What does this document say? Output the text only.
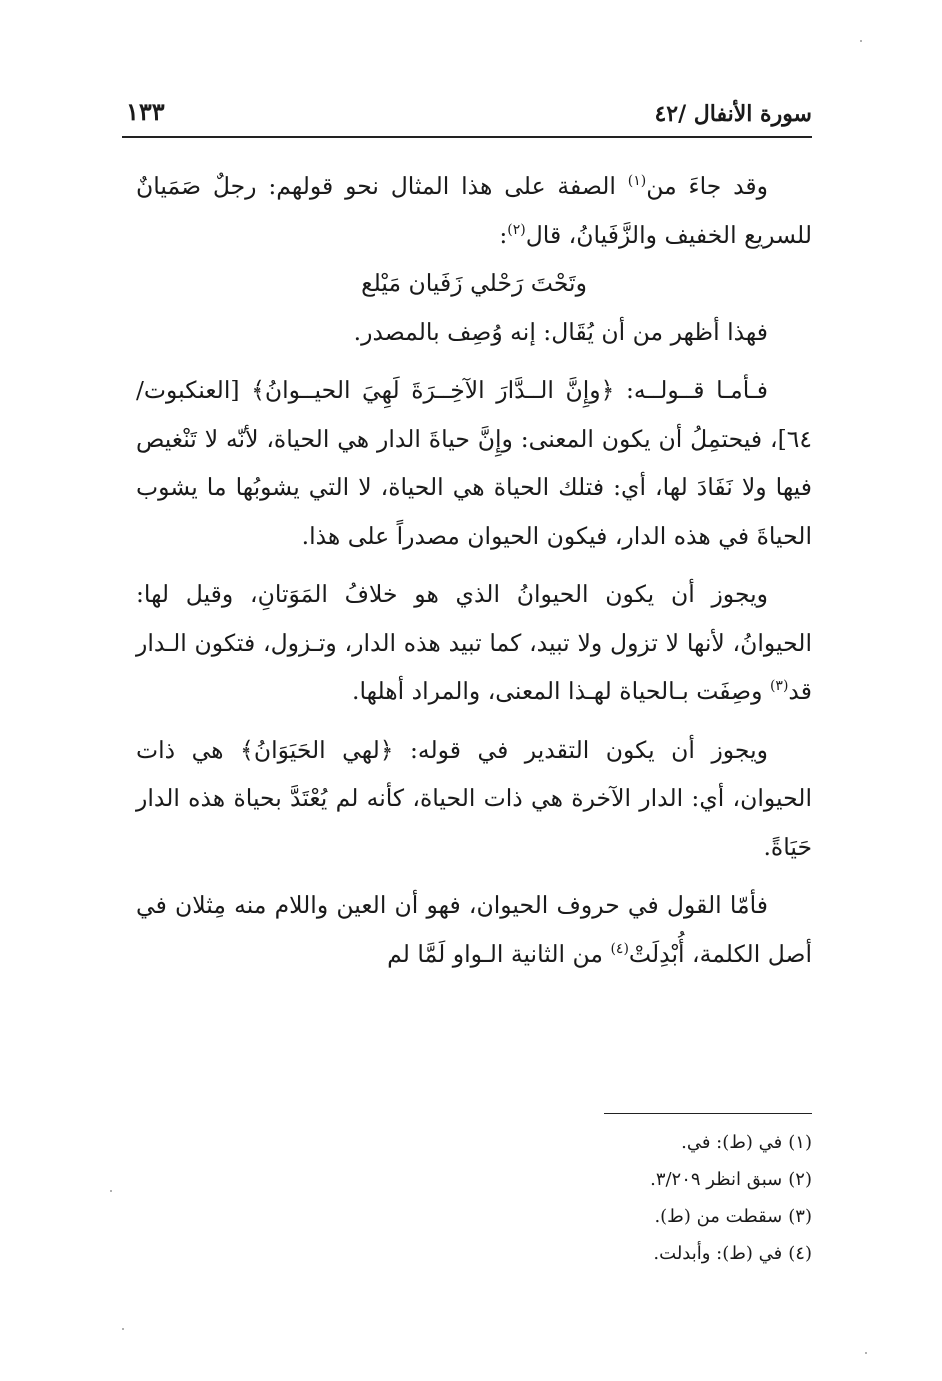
سورة الأنفال /٤٢
١٣٣

وقد جاءَ من$^{(١)}$ الصفة على هذا المثال نحو قولهم: رجلٌ صَمَيانٌ للسريع الخفيف والزَّفَيانُ، قال$^{(٢)}$:

وتَحْتَ رَحْلي زَفَيان مَيْلع

فهذا أظهر من أن يُقَال: إنه وُصِف بالمصدر.

فـأمـا قــولــه: ﴿وإِنَّ الــدَّارَ الآخِــرَةَ لَهِيَ الحيــوانُ﴾ [العنكبوت/٦٤]، فيحتمِلُ أن يكون المعنى: وإِنَّ حياةَ الدار هي الحياة، لأنّه لا تَنْغيص فيها ولا نَفَادَ لها، أي: فتلك الحياة هي الحياة، لا التي يشوبُها ما يشوب الحياةَ في هذه الدار، فيكون الحيوان مصدراً على هذا.

ويجوز أن يكون الحيوانُ الذي هو خلافُ المَوَتانِ، وقيل لها: الحيوانُ، لأنها لا تزول ولا تبيد، كما تبيد هذه الدار، وتـزول، فتكون الـدار قد$^{(٣)}$ وصِفَت بـالحياة لهـذا المعنى، والمراد أهلها.

ويجوز أن يكون التقدير في قوله: ﴿لهي الحَيَوَانُ﴾ هي ذات الحيوان، أي: الدار الآخرة هي ذات الحياة، كأنه لم يُعْتَدَّ بحياة هذه الدار حَيَاةً.

فأمّا القول في حروف الحيوان، فهو أن العين واللام منه مِثلان في أصل الكلمة، أُبْدِلَتْ$^{(٤)}$ من الثانية الـواو لَمَّا لم

(١)في (ط): في.

(٢)سبق انظر ٣/٢٠٩.

(٣)سقطت من (ط).

(٤)في (ط): وأبدلت.
